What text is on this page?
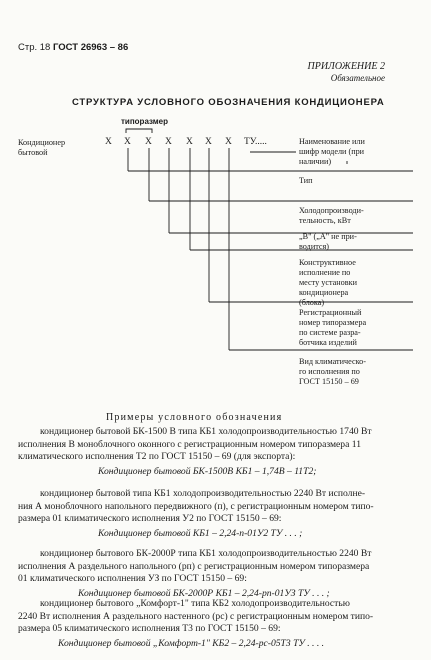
Стр. 18 ГОСТ 26963 – 86
ПРИЛОЖЕНИЕ 2
Обязательное
СТРУКТУРА УСЛОВНОГО ОБОЗНАЧЕНИЯ КОНДИЦИОНЕРА
Кондиционер
бытовой
типоразмер
Х Х Х Х Х Х Х ТУ.....	Наименование или
шифр модели (при
наличии)
Тип
Холодопроизводи-
тельность, кВт
„В" („А" не при-
водится)
Конструктивное
исполнение по
месту установки
кондиционера
(блока)
Регистрационный
номер типоразмера
по системе разра-
ботчика изделий
Вид климатическо-
го исполнения по
ГОСТ 15150 – 69
Примеры условного обозначения
кондиционер бытовой БК-1500 В типа КБ1 холодопроизводительностью 1740 Вт
исполнения В моноблочного оконного с регистрационным номером типоразмера 11
климатического исполнения Т2 по ГОСТ 15150 – 69 (для экспорта):
Кондиционер бытовой БК-1500В КБ1 – 1,74В – 11Т2;
кондиционер бытовой типа КБ1 холодопроизводительностью 2240 Вт исполне-
ния А моноблочного напольного передвижного (п), с регистрационным номером типо-
размера 01 климатического исполнения У2 по ГОСТ 15150 – 69:
Кондиционер бытовой КБ1 – 2,24-п-01У2 ТУ . . . ;
кондиционер бытового БК-2000Р типа КБ1 холодопроизводительностью 2240 Вт
исполнения А раздельного напольного (рп) с регистрационным номером типоразмера
01 климатического исполнения УЗ по ГОСТ 15150 – 69:
Кондиционер бытовой БК-2000Р КБ1 – 2,24-рп-01УЗ ТУ . . . ;
кондиционер бытового „Комфорт-1" типа КБ2 холодопроизводительностью
2240 Вт исполнения А раздельного настенного (рс) с регистрационным номером типо-
размера 05 климатического исполнения Т3 по ГОСТ 15150 – 69:
Кондиционер бытовой „Комфорт-1" КБ2 – 2,24-рс-05Т3 ТУ . . . .
